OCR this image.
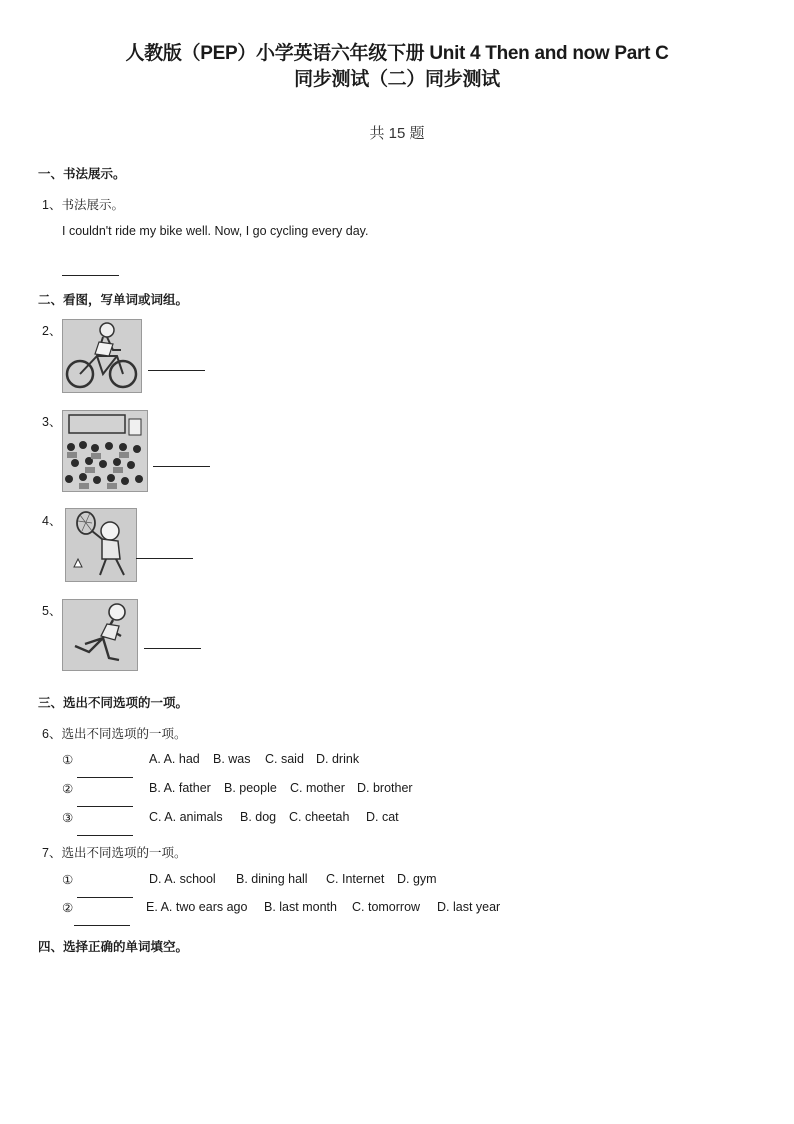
人教版（PEP）小学英语六年级下册 Unit 4 Then and now Part C
同步测试（二）同步测试
共 15 题
一、书法展示。
1、书法展示。
I couldn't ride my bike well. Now, I go cycling every day.
二、看图，写单词或词组。
2、
3、
4、
5、
三、选出不同选项的一项。
6、选出不同选项的一项。
①	A. A. had B. was C. said D. drink
②	B. A. father B. people C. mother D. brother
③	C. A. animals B. dog C. cheetah D. cat
7、选出不同选项的一项。
①	D. A. school B. dining hall C. Internet D. gym
②	E. A. two ears ago B. last month C. tomorrow D. last year
四、选择正确的单词填空。
